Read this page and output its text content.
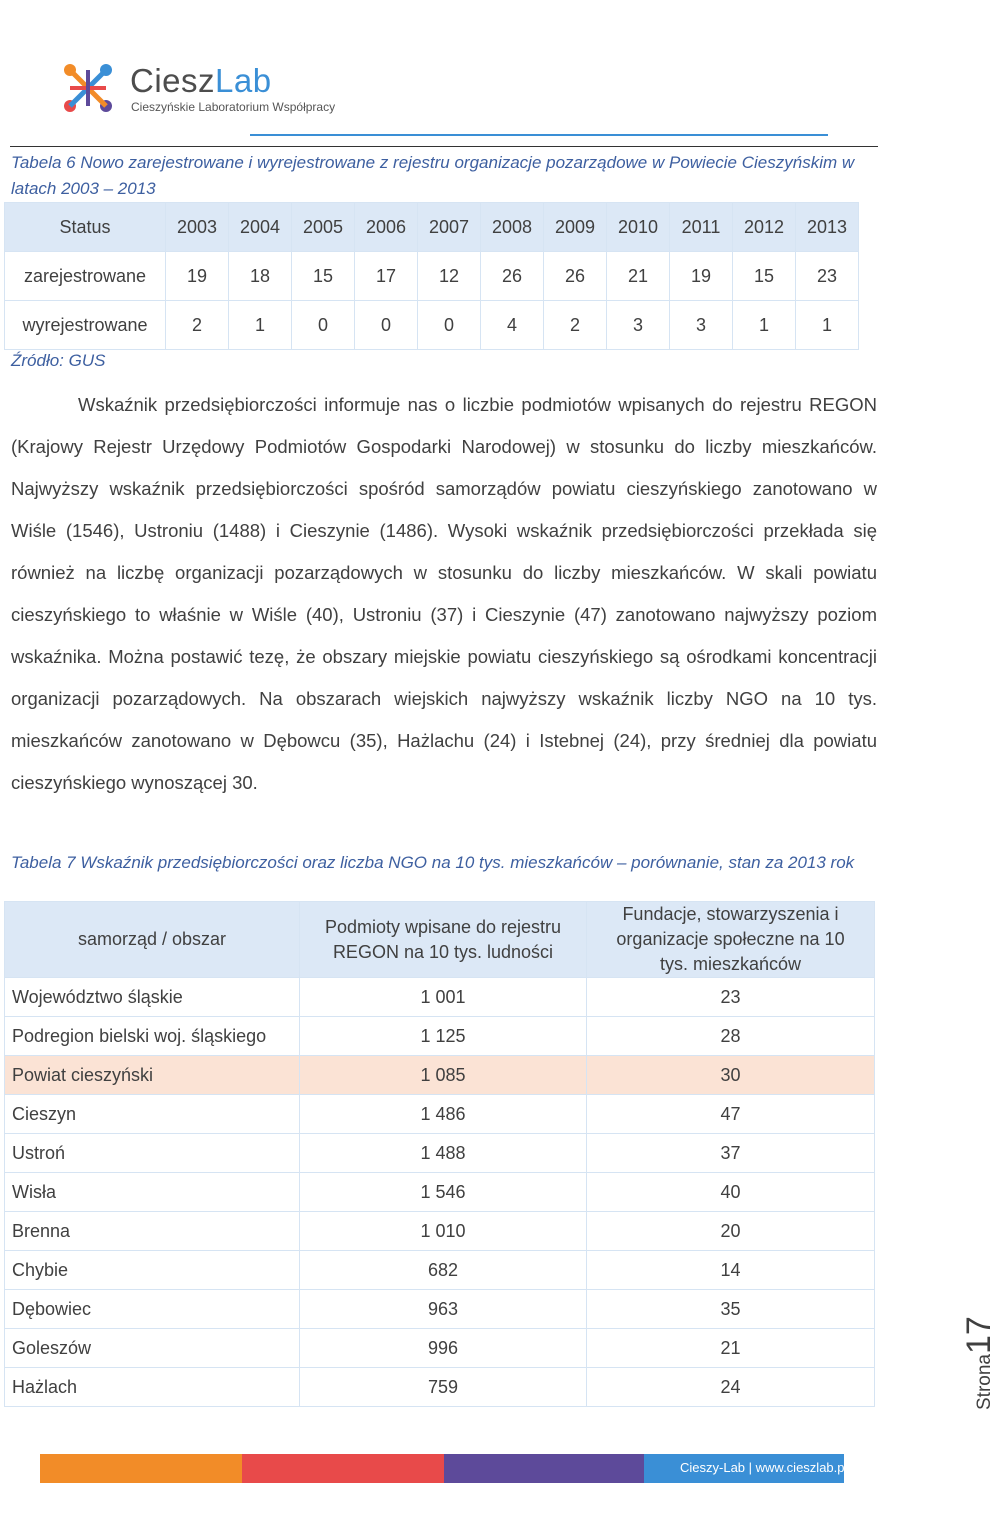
CieszLab
Cieszyńskie Laboratorium Współpracy
Tabela 6 Nowo zarejestrowane i wyrejestrowane z rejestru organizacje pozarządowe w Powiecie Cieszyńskim w latach 2003 – 2013
Status	2003	2004	2005	2006	2007	2008	2009	2010	2011	2012	2013
zarejestrowane	19	18	15	17	12	26	26	21	19	15	23
wyrejestrowane	2	1	0	0	0	4	2	3	3	1	1
Źródło: GUS
Wskaźnik przedsiębiorczości informuje nas o liczbie podmiotów wpisanych do rejestru REGON (Krajowy Rejestr Urzędowy Podmiotów Gospodarki Narodowej) w stosunku do liczby mieszkańców. Najwyższy wskaźnik przedsiębiorczości spośród samorządów powiatu cieszyńskiego zanotowano w Wiśle (1546), Ustroniu (1488) i Cieszynie (1486). Wysoki wskaźnik przedsiębiorczości przekłada się również na liczbę organizacji pozarządowych w stosunku do liczby mieszkańców. W skali powiatu cieszyńskiego to właśnie w Wiśle (40), Ustroniu (37) i Cieszynie (47) zanotowano najwyższy poziom wskaźnika. Można postawić tezę, że obszary miejskie powiatu cieszyńskiego są ośrodkami koncentracji organizacji pozarządowych. Na obszarach wiejskich najwyższy wskaźnik liczby NGO na 10 tys. mieszkańców zanotowano w Dębowcu (35), Hażlachu (24) i Istebnej (24), przy średniej dla powiatu cieszyńskiego wynoszącej 30.
Tabela 7 Wskaźnik przedsiębiorczości oraz liczba NGO na 10 tys. mieszkańców – porównanie, stan za 2013 rok
samorząd / obszar	Podmioty wpisane do rejestru REGON na 10 tys. ludności	Fundacje, stowarzyszenia i organizacje społeczne na 10 tys. mieszkańców
Województwo śląskie	1 001	23
Podregion bielski woj. śląskiego	1 125	28
Powiat cieszyński	1 085	30
Cieszyn	1 486	47
Ustroń	1 488	37
Wisła	1 546	40
Brenna	1 010	20
Chybie	682	14
Dębowiec	963	35
Goleszów	996	21
Hażlach	759	24	Strona17
Cieszy-Lab | www.cieszlab.pl
